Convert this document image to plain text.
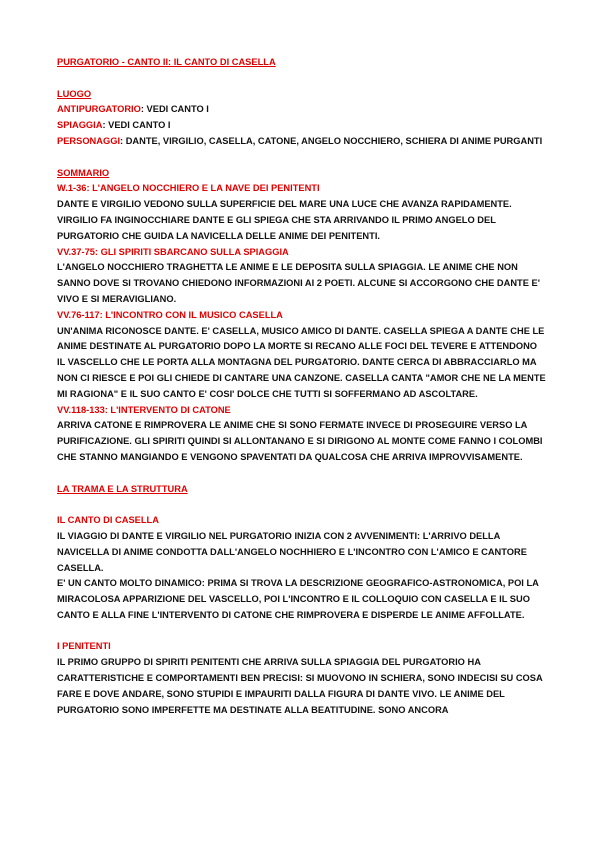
PURGATORIO - CANTO II: IL CANTO DI CASELLA

LUOGO

ANTIPURGATORIO: VEDI CANTO I

SPIAGGIA: VEDI CANTO I

PERSONAGGI: DANTE, VIRGILIO, CASELLA, CATONE, ANGELO NOCCHIERO, SCHIERA DI ANIME PURGANTI

SOMMARIO

W.1-36: L'ANGELO NOCCHIERO E LA NAVE DEI PENITENTI

DANTE E VIRGILIO VEDONO SULLA SUPERFICIE DEL MARE UNA LUCE CHE AVANZA RAPIDAMENTE. VIRGILIO FA INGINOCCHIARE DANTE E GLI SPIEGA CHE STA ARRIVANDO IL PRIMO ANGELO DEL PURGATORIO CHE GUIDA LA NAVICELLA DELLE ANIME DEI PENITENTI.

VV.37-75: GLI SPIRITI SBARCANO SULLA SPIAGGIA

L'ANGELO NOCCHIERO TRAGHETTA LE ANIME E LE DEPOSITA SULLA SPIAGGIA. LE ANIME CHE NON SANNO DOVE SI TROVANO CHIEDONO INFORMAZIONI AI 2 POETI. ALCUNE SI ACCORGONO CHE DANTE E' VIVO E SI MERAVIGLIANO.

VV.76-117: L'INCONTRO CON IL MUSICO CASELLA

UN'ANIMA RICONOSCE DANTE. E' CASELLA, MUSICO AMICO DI DANTE. CASELLA SPIEGA A DANTE CHE LE ANIME DESTINATE AL PURGATORIO DOPO LA MORTE SI RECANO ALLE FOCI DEL TEVERE E ATTENDONO IL VASCELLO CHE LE PORTA ALLA MONTAGNA DEL PURGATORIO. DANTE CERCA DI ABBRACCIARLO MA NON CI RIESCE E POI GLI CHIEDE DI CANTARE UNA CANZONE. CASELLA CANTA "AMOR CHE NE LA MENTE MI RAGIONA" E IL SUO CANTO E' COSI' DOLCE CHE TUTTI SI SOFFERMANO AD ASCOLTARE.

VV.118-133: L'INTERVENTO DI CATONE

ARRIVA CATONE E RIMPROVERA LE ANIME CHE SI SONO FERMATE INVECE DI PROSEGUIRE VERSO LA PURIFICAZIONE. GLI SPIRITI QUINDI SI ALLONTANANO E SI DIRIGONO AL MONTE COME FANNO I COLOMBI CHE STANNO MANGIANDO E VENGONO SPAVENTATI DA QUALCOSA CHE ARRIVA IMPROVVISAMENTE.

LA TRAMA E LA STRUTTURA

IL CANTO DI CASELLA

IL VIAGGIO DI DANTE E VIRGILIO NEL PURGATORIO INIZIA CON 2 AVVENIMENTI: L'ARRIVO DELLA NAVICELLA DI ANIME CONDOTTA DALL'ANGELO NOCHHIERO E L'INCONTRO CON L'AMICO E CANTORE CASELLA.

E' UN CANTO MOLTO DINAMICO: PRIMA SI TROVA LA DESCRIZIONE GEOGRAFICO-ASTRONOMICA, POI LA MIRACOLOSA APPARIZIONE DEL VASCELLO, POI L'INCONTRO E IL COLLOQUIO CON CASELLA E IL SUO CANTO E ALLA FINE L'INTERVENTO DI CATONE CHE RIMPROVERA E DISPERDE LE ANIME AFFOLLATE.

I PENITENTI

IL PRIMO GRUPPO DI SPIRITI PENITENTI CHE ARRIVA SULLA SPIAGGIA DEL PURGATORIO HA CARATTERISTICHE E COMPORTAMENTI BEN PRECISI: SI MUOVONO IN SCHIERA, SONO INDECISI SU COSA FARE E DOVE ANDARE, SONO STUPIDI E IMPAURITI DALLA FIGURA DI DANTE VIVO. LE ANIME DEL PURGATORIO SONO IMPERFETTE MA DESTINATE ALLA BEATITUDINE. SONO ANCORA
